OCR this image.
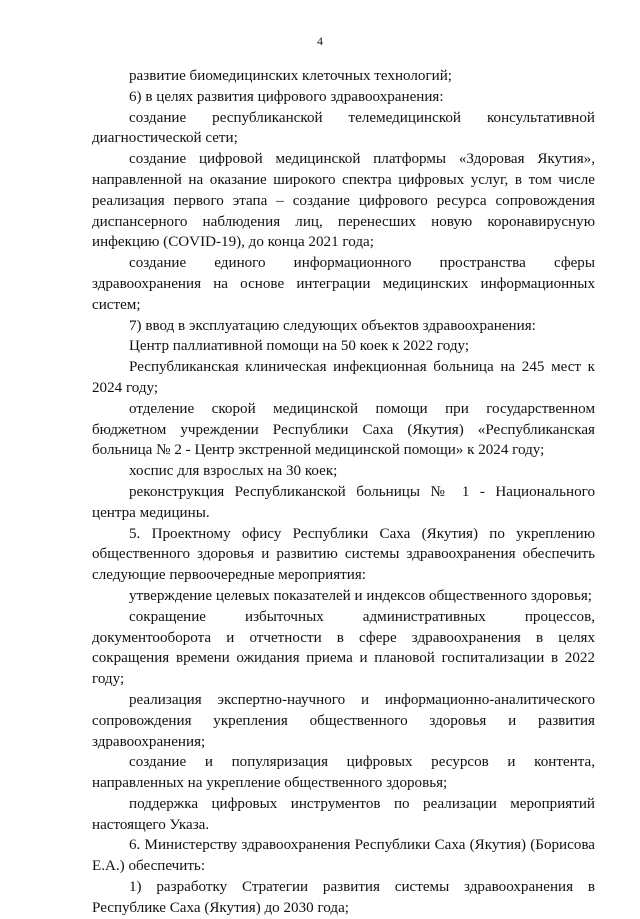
4

развитие биомедицинских клеточных технологий;

6) в целях развития цифрового здравоохранения:

создание республиканской телемедицинской консультативной диагностической сети;

создание цифровой медицинской платформы «Здоровая Якутия», направленной на оказание широкого спектра цифровых услуг, в том числе реализация первого этапа – создание цифрового ресурса сопровождения диспансерного наблюдения лиц, перенесших новую коронавирусную инфекцию (COVID-19), до конца 2021 года;

создание единого информационного пространства сферы здравоохранения на основе интеграции медицинских информационных систем;

7) ввод в эксплуатацию следующих объектов здравоохранения:

Центр паллиативной помощи на 50 коек к 2022 году;

Республиканская клиническая инфекционная больница на 245 мест к 2024 году;

отделение скорой медицинской помощи при государственном бюджетном учреждении Республики Саха (Якутия) «Республиканская больница № 2 - Центр экстренной медицинской помощи» к 2024 году;

хоспис для взрослых на 30 коек;

реконструкция Республиканской больницы № 1 - Национального центра медицины.

5. Проектному офису Республики Саха (Якутия) по укреплению общественного здоровья и развитию системы здравоохранения обеспечить следующие первоочередные мероприятия:

утверждение целевых показателей и индексов общественного здоровья;

сокращение избыточных административных процессов, документооборота и отчетности в сфере здравоохранения в целях сокращения времени ожидания приема и плановой госпитализации в 2022 году;

реализация экспертно-научного и информационно-аналитического сопровождения укрепления общественного здоровья и развития здравоохранения;

создание и популяризация цифровых ресурсов и контента, направленных на укрепление общественного здоровья;

поддержка цифровых инструментов по реализации мероприятий настоящего Указа.

6. Министерству здравоохранения Республики Саха (Якутия) (Борисова Е.А.) обеспечить:

1) разработку Стратегии развития системы здравоохранения в Республике Саха (Якутия) до 2030 года;
